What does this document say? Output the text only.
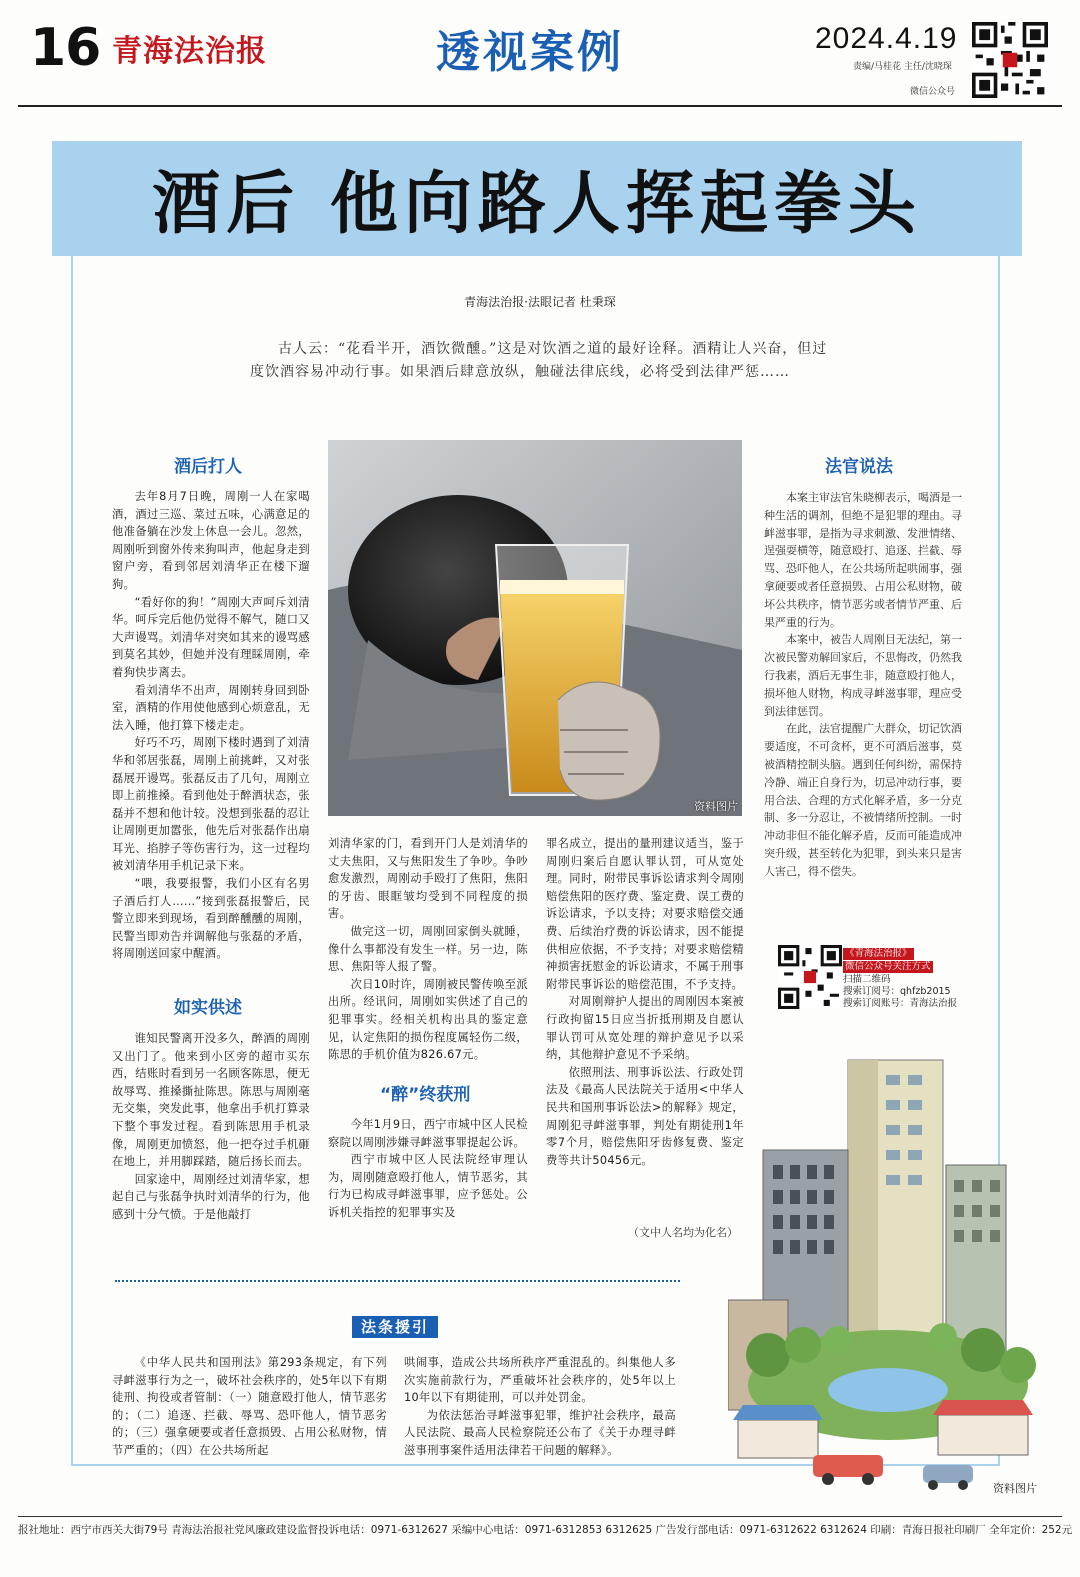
16 青海法治报	透视案例	2024.4.19
责编/马桂花 主任/沈晓琛
微信公众号
酒后 他向路人挥起拳头
青海法治报·法眼记者 杜秉琛
古人云：“花看半开，酒饮微醺。”这是对饮酒之道的最好诠释。酒精让人兴奋，但过度饮酒容易冲动行事。如果酒后肆意放纵，触碰法律底线，必将受到法律严惩……
酒后打人

去年8月7日晚，周刚一人在家喝酒，酒过三巡、菜过五味，心满意足的他准备躺在沙发上休息一会儿。忽然，周刚听到窗外传来狗叫声，他起身走到窗户旁，看到邻居刘清华正在楼下遛狗。

“看好你的狗！”周刚大声呵斥刘清华。呵斥完后他仍觉得不解气，随口又大声谩骂。刘清华对突如其来的谩骂感到莫名其妙，但她并没有理睬周刚，牵着狗快步离去。

看刘清华不出声，周刚转身回到卧室，酒精的作用使他感到心烦意乱，无法入睡，他打算下楼走走。

好巧不巧，周刚下楼时遇到了刘清华和邻居张磊，周刚上前挑衅，又对张磊展开谩骂。张磊反击了几句，周刚立即上前推搡。看到他处于醉酒状态，张磊并不想和他计较。没想到张磊的忍让让周刚更加嚣张，他先后对张磊作出扇耳光、掐脖子等伤害行为，这一过程均被刘清华用手机记录下来。

“喂，我要报警，我们小区有名男子酒后打人……”接到张磊报警后，民警立即来到现场，看到醉醺醺的周刚，民警当即劝告并调解他与张磊的矛盾，将周刚送回家中醒酒。

如实供述

谁知民警离开没多久，醉酒的周刚又出门了。他来到小区旁的超市买东西，结账时看到另一名顾客陈思，便无故辱骂、推搡撕扯陈思。陈思与周刚毫无交集，突发此事，他拿出手机打算录下整个事发过程。看到陈思用手机录像，周刚更加愤怒，他一把夺过手机砸在地上，并用脚踩踏，随后扬长而去。

回家途中，周刚经过刘清华家，想起自己与张磊争执时刘清华的行为，他感到十分气愤。于是他敲打

资料图片

刘清华家的门，看到开门人是刘清华的丈夫焦阳，又与焦阳发生了争吵。争吵愈发激烈，周刚动手殴打了焦阳，焦阳的牙齿、眼眶皱均受到不同程度的损害。

做完这一切，周刚回家倒头就睡，像什么事都没有发生一样。另一边，陈思、焦阳等人报了警。

次日10时许，周刚被民警传唤至派出所。经讯问，周刚如实供述了自己的犯罪事实。经相关机构出具的鉴定意见，认定焦阳的损伤程度属轻伤二级，陈思的手机价值为826.67元。

“醉”终获刑

今年1月9日，西宁市城中区人民检察院以周刚涉嫌寻衅滋事罪提起公诉。

西宁市城中区人民法院经审理认为，周刚随意殴打他人，情节恶劣，其行为已构成寻衅滋事罪，应予惩处。公诉机关指控的犯罪事实及

罪名成立，提出的量刑建议适当，鉴于周刚归案后自愿认罪认罚，可从宽处理。同时，附带民事诉讼请求判令周刚赔偿焦阳的医疗费、鉴定费、误工费的诉讼请求，予以支持；对要求赔偿交通费、后续治疗费的诉讼请求，因不能提供相应依据，不予支持；对要求赔偿精神损害抚慰金的诉讼请求，不属于刑事附带民事诉讼的赔偿范围，不予支持。

对周刚辩护人提出的周刚因本案被行政拘留15日应当折抵刑期及自愿认罪认罚可从宽处理的辩护意见予以采纳，其他辩护意见不予采纳。

依照刑法、刑事诉讼法、行政处罚法及《最高人民法院关于适用<中华人民共和国刑事诉讼法>的解释》规定，周刚犯寻衅滋事罪，判处有期徒刑1年零7个月，赔偿焦阳牙齿修复费、鉴定费等共计50456元。

（文中人名均为化名）
法官说法

本案主审法官朱晓柳表示，喝酒是一种生活的调剂，但绝不是犯罪的理由。寻衅滋事罪，是指为寻求刺激、发泄情绪、逞强耍横等，随意殴打、追逐、拦截、辱骂、恐吓他人，在公共场所起哄闹事，强拿硬要或者任意损毁、占用公私财物，破坏公共秩序，情节恶劣或者情节严重、后果严重的行为。

本案中，被告人周刚目无法纪，第一次被民警劝解回家后，不思悔改，仍然我行我素，酒后无事生非，随意殴打他人，损坏他人财物，构成寻衅滋事罪，理应受到法律惩罚。

在此，法官提醒广大群众，切记饮酒要适度，不可贪杯，更不可酒后滋事，莫被酒精控制头脑。遇到任何纠纷，需保持冷静、端正自身行为，切忌冲动行事，要用合法、合理的方式化解矛盾，多一分克制、多一分忍让，不被情绪所控制。一时冲动非但不能化解矛盾，反而可能造成冲突升级，甚至转化为犯罪，到头来只是害人害己，得不偿失。

《青海法治报》
微信公众号关注方式
扫描二维码
搜索订阅号：qhfzb2015
搜索订阅账号：青海法治报
资料图片
法条援引

《中华人民共和国刑法》第293条规定，有下列寻衅滋事行为之一，破坏社会秩序的，处5年以下有期徒刑、拘役或者管制：（一）随意殴打他人，情节恶劣的；（二）追逐、拦截、辱骂、恐吓他人，情节恶劣的；（三）强拿硬要或者任意损毁、占用公私财物，情节严重的；（四）在公共场所起

哄闹事，造成公共场所秩序严重混乱的。纠集他人多次实施前款行为，严重破坏社会秩序的，处5年以上10年以下有期徒刑，可以并处罚金。

为依法惩治寻衅滋事犯罪，维护社会秩序，最高人民法院、最高人民检察院还公布了《关于办理寻衅滋事刑事案件适用法律若干问题的解释》。

报社地址：西宁市西关大街79号 青海法治报社党风廉政建设监督投诉电话：0971-6312627 采编中心电话：0971-6312853 6312625 广告发行部电话：0971-6312622 6312624 印刷：青海日报社印刷厂 全年定价：252元
